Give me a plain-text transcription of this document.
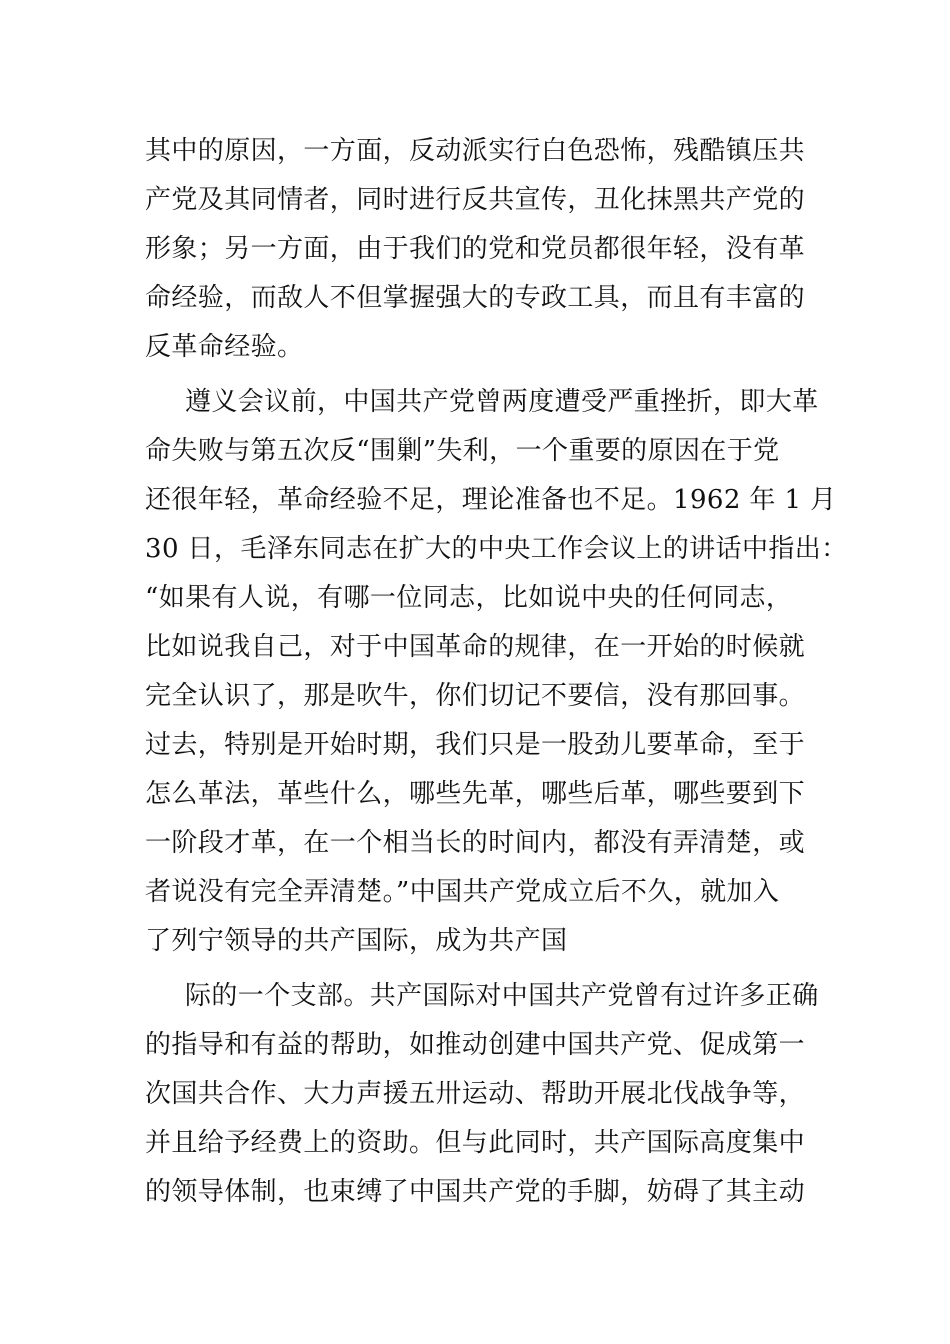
其中的原因，一方面，反动派实行白色恐怖，残酷镇压共
产党及其同情者，同时进行反共宣传，丑化抹黑共产党的
形象；另一方面，由于我们的党和党员都很年轻，没有革
命经验，而敌人不但掌握强大的专政工具，而且有丰富的
反革命经验。
遵义会议前，中国共产党曾两度遭受严重挫折，即大革
命失败与第五次反“围剿”失利，一个重要的原因在于党
还很年轻，革命经验不足，理论准备也不足。1962 年 1 月
30 日，毛泽东同志在扩大的中央工作会议上的讲话中指出：
“如果有人说，有哪一位同志，比如说中央的任何同志，
比如说我自己，对于中国革命的规律，在一开始的时候就
完全认识了，那是吹牛，你们切记不要信，没有那回事。
过去，特别是开始时期，我们只是一股劲儿要革命，至于
怎么革法，革些什么，哪些先革，哪些后革，哪些要到下
一阶段才革，在一个相当长的时间内，都没有弄清楚，或
者说没有完全弄清楚。”中国共产党成立后不久，就加入
了列宁领导的共产国际，成为共产国
际的一个支部。共产国际对中国共产党曾有过许多正确
的指导和有益的帮助，如推动创建中国共产党、促成第一
次国共合作、大力声援五卅运动、帮助开展北伐战争等，
并且给予经费上的资助。但与此同时，共产国际高度集中
的领导体制，也束缚了中国共产党的手脚，妨碍了其主动
